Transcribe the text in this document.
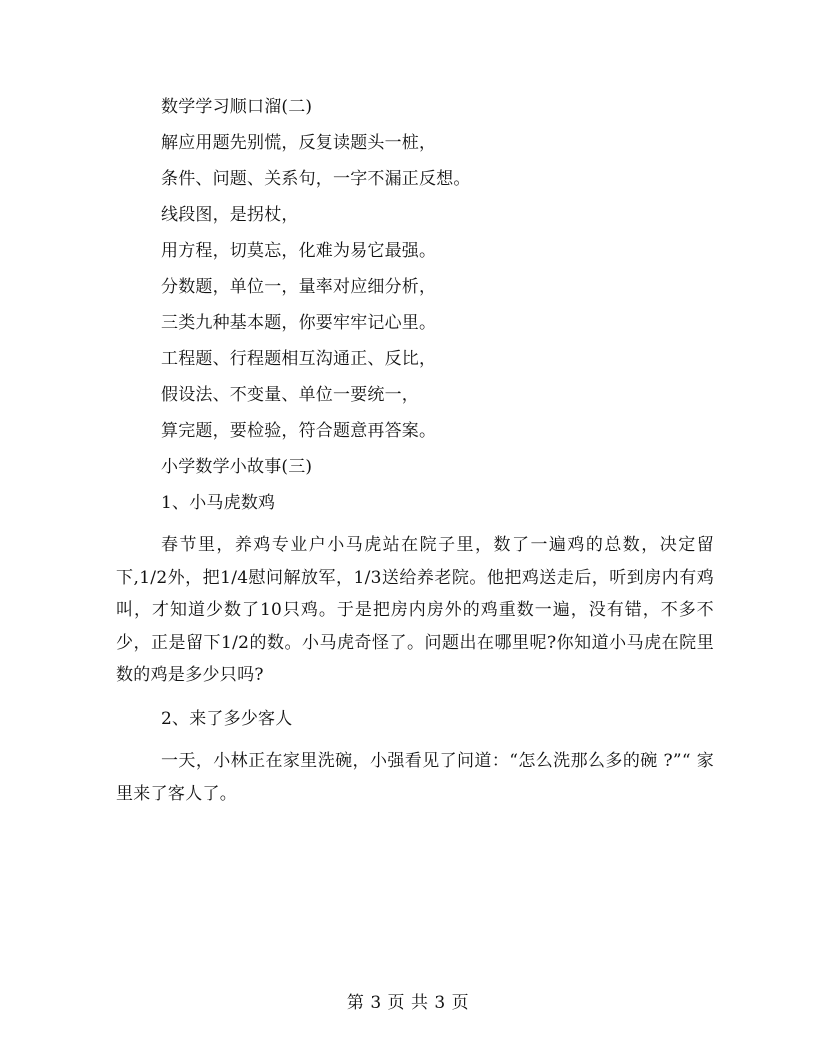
数学学习顺口溜(二)
解应用题先别慌，反复读题头一桩，
条件、问题、关系句，一字不漏正反想。
线段图，是拐杖，
用方程，切莫忘，化难为易它最强。
分数题，单位一，量率对应细分析，
三类九种基本题，你要牢牢记心里。
工程题、行程题相互沟通正、反比，
假设法、不变量、单位一要统一，
算完题，要检验，符合题意再答案。
小学数学小故事(三)
1、小马虎数鸡

春节里，养鸡专业户小马虎站在院子里，数了一遍鸡的总数，决定留下,1/2外，把1/4慰问解放军，1/3送给养老院。他把鸡送走后，听到房内有鸡叫，才知道少数了10只鸡。于是把房内房外的鸡重数一遍，没有错，不多不少，正是留下1/2的数。小马虎奇怪了。问题出在哪里呢?你知道小马虎在院里数的鸡是多少只吗?

2、来了多少客人

一天，小林正在家里洗碗，小强看见了问道：“怎么洗那么多的碗 ?”“ 家里来了客人了。

第 3 页 共 3 页
